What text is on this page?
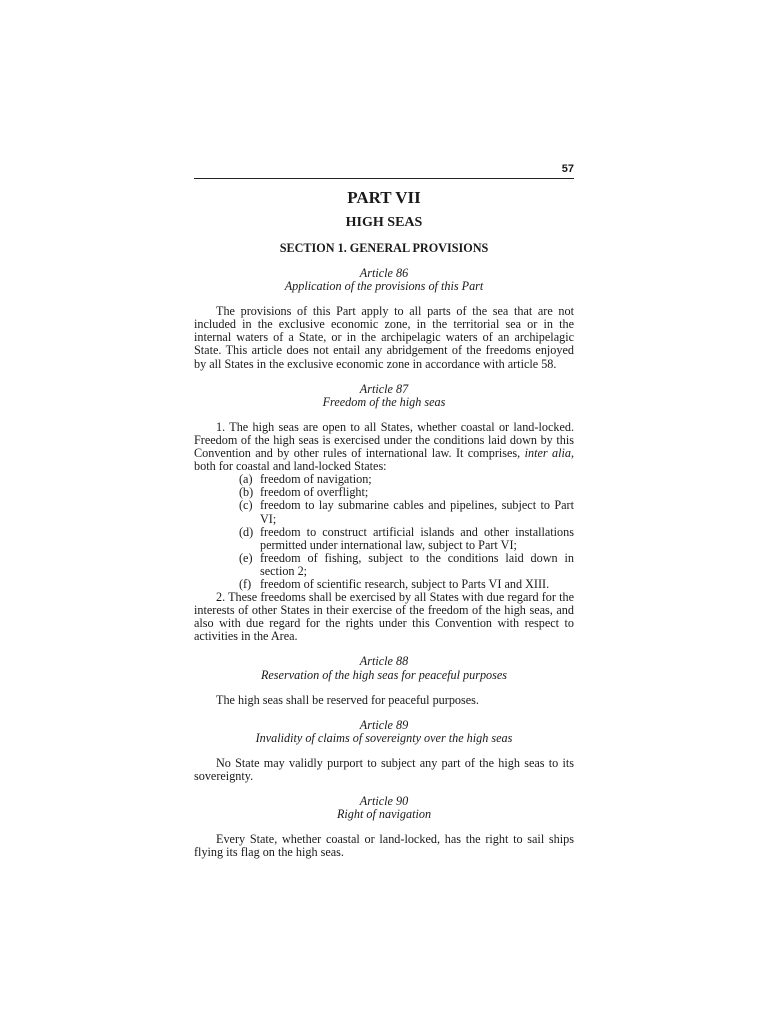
57
PART VII
HIGH SEAS
SECTION 1. GENERAL PROVISIONS

Article 86

Application of the provisions of this Part

The provisions of this Part apply to all parts of the sea that are not included in the exclusive economic zone, in the territorial sea or in the internal waters of a State, or in the archipelagic waters of an archipelagic State. This article does not entail any abridgement of the freedoms enjoyed by all States in the exclusive economic zone in accordance with article 58.

Article 87

Freedom of the high seas

1. The high seas are open to all States, whether coastal or land-locked. Freedom of the high seas is exercised under the conditions laid down by this Convention and by other rules of international law. It comprises, inter alia, both for coastal and land-locked States:

(a) freedom of navigation;
(b) freedom of overflight;
(c) freedom to lay submarine cables and pipelines, subject to Part VI;
(d) freedom to construct artificial islands and other installations permitted under international law, subject to Part VI;
(e) freedom of fishing, subject to the conditions laid down in section 2;
(f) freedom of scientific research, subject to Parts VI and XIII.

2. These freedoms shall be exercised by all States with due regard for the interests of other States in their exercise of the freedom of the high seas, and also with due regard for the rights under this Convention with respect to activities in the Area.

Article 88

Reservation of the high seas for peaceful purposes

The high seas shall be reserved for peaceful purposes.

Article 89

Invalidity of claims of sovereignty over the high seas

No State may validly purport to subject any part of the high seas to its sovereignty.

Article 90

Right of navigation

Every State, whether coastal or land-locked, has the right to sail ships flying its flag on the high seas.
